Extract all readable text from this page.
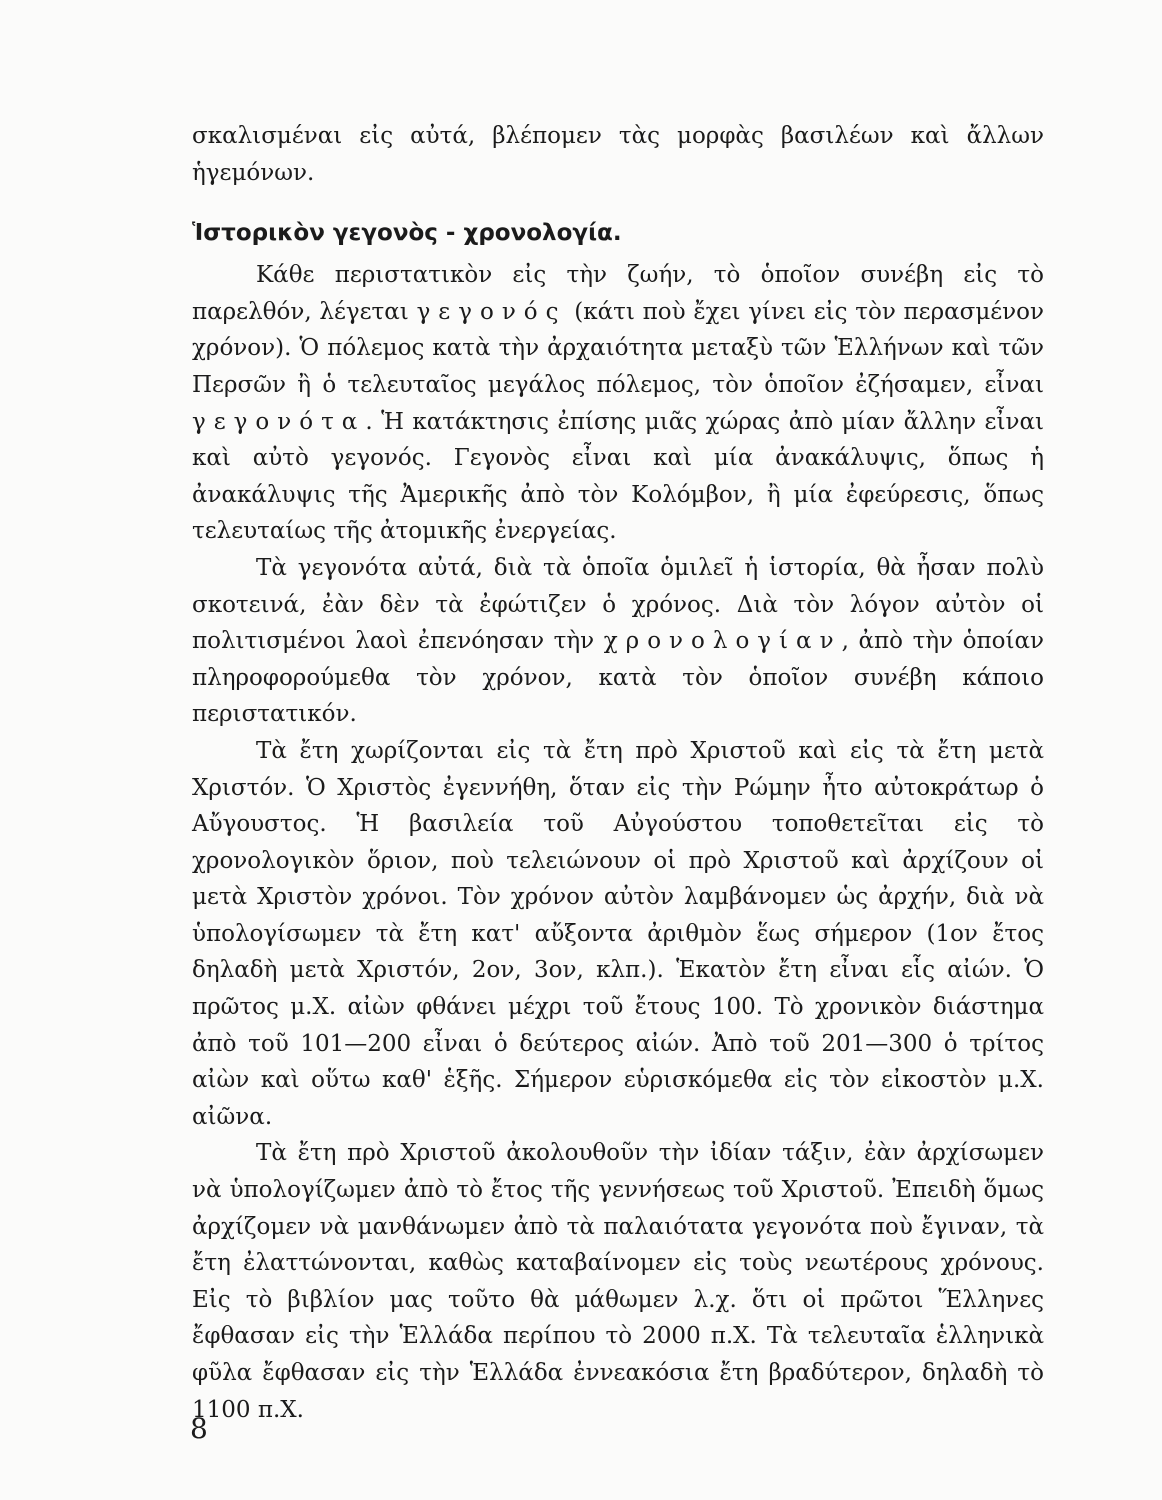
σκαλισμέναι εἰς αὐτά, βλέπομεν τὰς μορφὰς βασιλέων καὶ ἄλλων ἡγεμόνων.

Ἱστορικὸν γεγονὸς - χρονολογία.

Κάθε περιστατικὸν εἰς τὴν ζωήν, τὸ ὁποῖον συνέβη εἰς τὸ παρελθόν, λέγεται γεγονός (κάτι ποὺ ἔχει γίνει εἰς τὸν περασμένον χρόνον). Ὁ πόλεμος κατὰ τὴν ἀρχαιότητα μεταξὺ τῶν Ἑλλήνων καὶ τῶν Περσῶν ἢ ὁ τελευταῖος μεγάλος πόλεμος, τὸν ὁποῖον ἐζήσαμεν, εἶναι γεγονότα. Ἡ κατάκτησις ἐπίσης μιᾶς χώρας ἀπὸ μίαν ἄλλην εἶναι καὶ αὐτὸ γεγονός. Γεγονὸς εἶναι καὶ μία ἀνακάλυψις, ὅπως ἡ ἀνακάλυψις τῆς Ἀμερικῆς ἀπὸ τὸν Κολόμβον, ἢ μία ἐφεύρεσις, ὅπως τελευταίως τῆς ἀτομικῆς ἐνεργείας.

Τὰ γεγονότα αὐτά, διὰ τὰ ὁποῖα ὁμιλεῖ ἡ ἱστορία, θὰ ἦσαν πολὺ σκοτεινά, ἐὰν δὲν τὰ ἐφώτιζεν ὁ χρόνος. Διὰ τὸν λόγον αὐτὸν οἱ πολιτισμένοι λαοὶ ἐπενόησαν τὴν χρονολογίαν, ἀπὸ τὴν ὁποίαν πληροφορούμεθα τὸν χρόνον, κατὰ τὸν ὁποῖον συνέβη κάποιο περιστατικόν.

Τὰ ἔτη χωρίζονται εἰς τὰ ἔτη πρὸ Χριστοῦ καὶ εἰς τὰ ἔτη μετὰ Χριστόν. Ὁ Χριστὸς ἐγεννήθη, ὅταν εἰς τὴν Ρώμην ἦτο αὐτοκράτωρ ὁ Αὔγουστος. Ἡ βασιλεία τοῦ Αὐγούστου τοποθετεῖται εἰς τὸ χρονολογικὸν ὅριον, ποὺ τελειώνουν οἱ πρὸ Χριστοῦ καὶ ἀρχίζουν οἱ μετὰ Χριστὸν χρόνοι. Τὸν χρόνον αὐτὸν λαμβάνομεν ὡς ἀρχήν, διὰ νὰ ὑπολογίσωμεν τὰ ἔτη κατ' αὔξοντα ἀριθμὸν ἕως σήμερον (1ον ἔτος δηλαδὴ μετὰ Χριστόν, 2ον, 3ον, κλπ.). Ἑκατὸν ἔτη εἶναι εἷς αἰών. Ὁ πρῶτος μ.Χ. αἰὼν φθάνει μέχρι τοῦ ἔτους 100. Τὸ χρονικὸν διάστημα ἀπὸ τοῦ 101—200 εἶναι ὁ δεύτερος αἰών. Ἀπὸ τοῦ 201—300 ὁ τρίτος αἰὼν καὶ οὕτω καθ' ἑξῆς. Σήμερον εὑρισκόμεθα εἰς τὸν εἰκοστὸν μ.Χ. αἰῶνα.

Τὰ ἔτη πρὸ Χριστοῦ ἀκολουθοῦν τὴν ἰδίαν τάξιν, ἐὰν ἀρχίσωμεν νὰ ὑπολογίζωμεν ἀπὸ τὸ ἔτος τῆς γεννήσεως τοῦ Χριστοῦ. Ἐπειδὴ ὅμως ἀρχίζομεν νὰ μανθάνωμεν ἀπὸ τὰ παλαιότατα γεγονότα ποὺ ἔγιναν, τὰ ἔτη ἐλαττώνονται, καθὼς καταβαίνομεν εἰς τοὺς νεωτέρους χρόνους. Εἰς τὸ βιβλίον μας τοῦτο θὰ μάθωμεν λ.χ. ὅτι οἱ πρῶτοι Ἕλληνες ἔφθασαν εἰς τὴν Ἑλλάδα περίπου τὸ 2000 π.Χ. Τὰ τελευταῖα ἑλληνικὰ φῦλα ἔφθασαν εἰς τὴν Ἑλλάδα ἐννεακόσια ἔτη βραδύτερον, δηλαδὴ τὸ 1100 π.Χ.

8
